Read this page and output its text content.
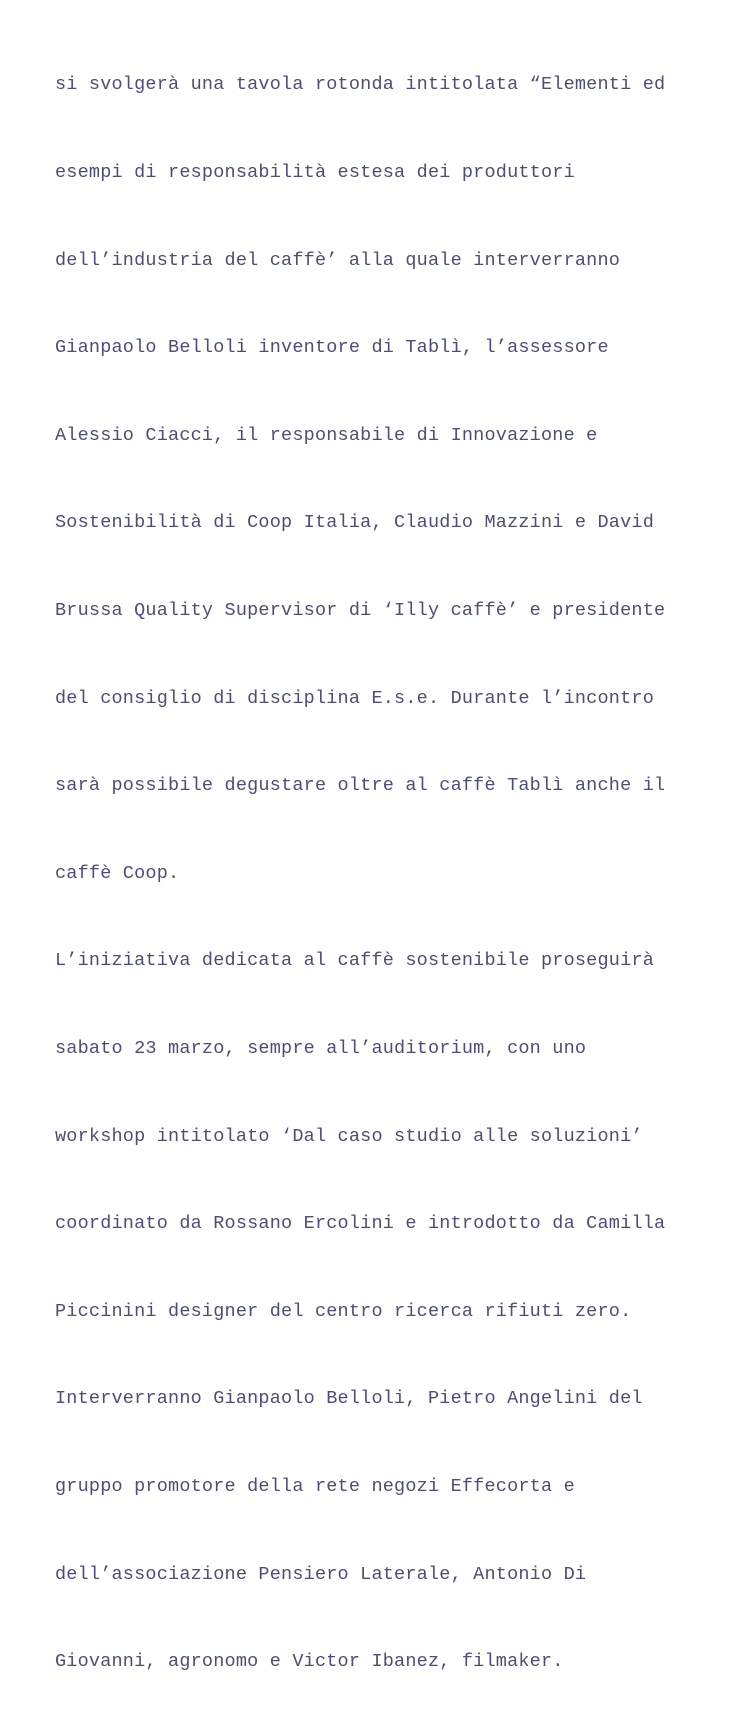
si svolgerà una tavola rotonda intitolata “Elementi ed

esempi di responsabilità estesa dei produttori

dell’industria del caffè’ alla quale interverranno

Gianpaolo Belloli inventore di Tablì, l’assessore

Alessio Ciacci, il responsabile di Innovazione e

Sostenibilità di Coop Italia, Claudio Mazzini e David

Brussa Quality Supervisor di ‘Illy caffè’ e presidente

del consiglio di disciplina E.s.e. Durante l’incontro

sarà possibile degustare oltre al caffè Tablì anche il

caffè Coop.

L’iniziativa dedicata al caffè sostenibile proseguirà

sabato 23 marzo, sempre all’auditorium, con uno

workshop intitolato ‘Dal caso studio alle soluzioni’

coordinato da Rossano Ercolini e introdotto da Camilla

Piccinini designer del centro ricerca rifiuti zero.

Interverranno Gianpaolo Belloli, Pietro Angelini del

gruppo promotore della rete negozi Effecorta e

dell’associazione Pensiero Laterale, Antonio Di

Giovanni, agronomo e Victor Ibanez, filmaker.
